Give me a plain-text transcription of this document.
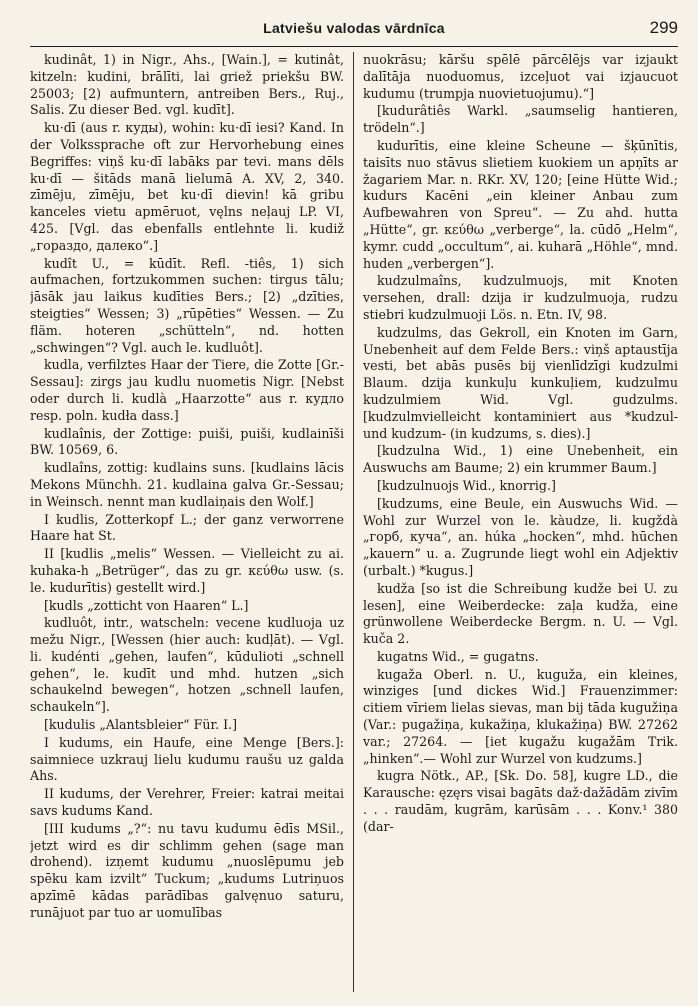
Latviešu valodas vārdnīca	299

kudinât, 1) in Nigr., Ahs., [Wain.], = kutinât, kitzeln: kudini, brālīti, lai griež priekšu BW. 25003; [2) aufmuntern, antreiben Bers., Ruj., Salis. Zu dieser Bed. vgl. kudīt].

ku·dī (aus r. куды), wohin: ku·dī iesi? Kand. In der Volkssprache oft zur Hervorhebung eines Begriffes: viņš ku·dī labāks par tevi. mans dēls ku·dī — šitāds manā lielumā A. XV, 2, 340. zīmēju, zīmēju, bet ku·dī dievin! kā gribu kanceles vietu apmēruot, vęlns neļauj LP. VI, 425. [Vgl. das ebenfalls entlehnte li. kudiž „гораздо, далеко“.]

kudît U., = kūdīt. Refl. -tiês, 1) sich aufmachen, fortzukommen suchen: tirgus tālu; jāsāk jau laikus kudīties Bers.; [2) „dzīties, steigties“ Wessen; 3) „rūpēties“ Wessen. — Zu fläm. hoteren „schütteln“, nd. hotten „schwingen“? Vgl. auch le. kudluôt].

kudla, verfilztes Haar der Tiere, die Zotte [Gr.-Sessau]: zirgs jau kudlu nuometis Nigr. [Nebst oder durch li. kudlà „Haarzotte“ aus r. кудло resp. poln. kudła dass.]

kudlaînis, der Zottige: puiši, puiši, kudlainīši BW. 10569, 6.

kudlaîns, zottig: kudlains suns. [kudlains lācis Mekons Münchh. 21. kudlaina galva Gr.-Sessau; in Weinsch. nennt man kudlaiņais den Wolf.]

I kudlis, Zotterkopf L.; der ganz verworrene Haare hat St.

II [kudlis „melis“ Wessen. — Vielleicht zu ai. kuhaka-h „Betrüger“, das zu gr. κεύθω usw. (s. le. kudurītis) gestellt wird.]

[kudls „zotticht von Haaren“ L.]

kudluôt, intr., watscheln: vecene kudluoja uz mežu Nigr., [Wessen (hier auch: kudļāt). — Vgl. li. kudénti „gehen, laufen“, kūdulioti „schnell gehen“, le. kudīt und mhd. hutzen „sich schaukelnd bewegen“, hotzen „schnell laufen, schaukeln“].

[kudulis „Alantsbleier“ Für. I.]

I kudums, ein Haufe, eine Menge [Bers.]: saimniece uzkrauj lielu kudumu raušu uz galda Ahs.

II kudums, der Verehrer, Freier: katrai meitai savs kudums Kand.

[III kudums „?“: nu tavu kudumu ēdīs MSil., jetzt wird es dir schlimm gehen (sage man drohend). izņemt kudumu „nuoslēpumu jeb spēku kam izvilt“ Tuckum; „kudums Lutriņuos apzīmē kādas parādības galvęnuo saturu, runājuot par tuo ar uomulības

nuokrāsu; kāršu spēlē pārcēlējs var izjaukt dalītāja nuoduomus, izceļuot vai izjaucuot kudumu (trumpja nuovietuojumu).“]

[kudurâtiês Warkl. „saumselig hantieren, trödeln“.]

kudurītis, eine kleine Scheune — šķūnītis, taisīts nuo stāvus slietiem kuokiem un apņīts ar žagariem Mar. n. RKr. XV, 120; [eine Hütte Wid.; kudurs Kacēni „ein kleiner Anbau zum Aufbewahren von Spreu“. — Zu ahd. hutta „Hütte“, gr. κεύθω „verberge“, la. cūdō „Helm“, kymr. cudd „occultum“, ai. kuharā „Höhle“, mnd. huden „verbergen“].

kudzulmaîns, kudzulmuojs, mit Knoten versehen, drall: dzija ir kudzulmuoja, rudzu stiebri kudzulmuoji Lös. n. Etn. IV, 98.

kudzulms, das Gekroll, ein Knoten im Garn, Unebenheit auf dem Felde Bers.: viņš aptaustīja vesti, bet abās pusēs bij vienlīdzīgi kudzulmi Blaum. dzija kunkuļu kunkuļiem, kudzulmu kudzulmiem Wid. Vgl. gudzulms. [kudzulmvielleicht kontaminiert aus *kudzul- und kudzum- (in kudzums, s. dies).]

[kudzulna Wid., 1) eine Unebenheit, ein Auswuchs am Baume; 2) ein krummer Baum.]

[kudzulnuojs Wid., knorrig.]

[kudzums, eine Beule, ein Auswuchs Wid. — Wohl zur Wurzel von le. kàudze, li. kugždà „горб, куча“, an. húka „hocken“, mhd. hūchen „kauern“ u. a. Zugrunde liegt wohl ein Adjektiv (urbalt.) *kugus.]

kudža [so ist die Schreibung kudže bei U. zu lesen], eine Weiberdecke: zaļa kudža, eine grünwollene Weiberdecke Bergm. n. U. — Vgl. kuča 2.

kugatns Wid., = gugatns.

kugaža Oberl. n. U., kuguža, ein kleines, winziges [und dickes Wid.] Frauenzimmer: citiem vīriem lielas sievas, man bij tāda kugužiņa (Var.: pugažiņa, kukažiņa, klukažiņa) BW. 27262 var.; 27264. — [iet kugažu kugažām Trik. „hinken“.— Wohl zur Wurzel von kudzums.]

kugra Nötk., AP., [Sk. Do. 58], kugre LD., die Karausche: ęzęrs visai bagāts daž·dažādām zivīm . . . raudām, kugrām, karūsām . . . Konv.¹ 380 (dar-
